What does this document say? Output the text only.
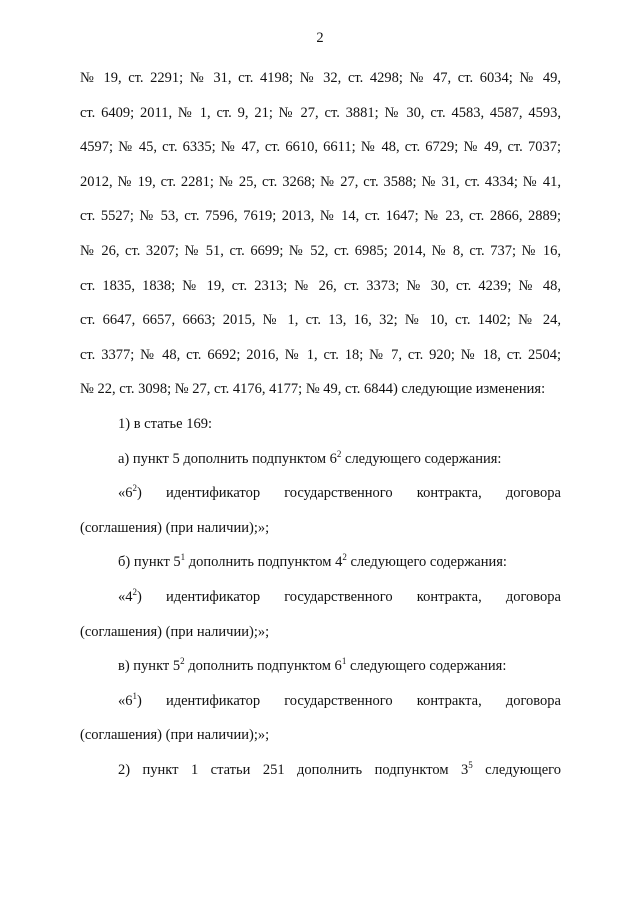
2
№ 19, ст. 2291; № 31, ст. 4198; № 32, ст. 4298; № 47, ст. 6034; № 49,
ст. 6409; 2011, № 1, ст. 9, 21; № 27, ст. 3881; № 30, ст. 4583, 4587, 4593,
4597; № 45, ст. 6335; № 47, ст. 6610, 6611; № 48, ст. 6729; № 49, ст. 7037;
2012, № 19, ст. 2281; № 25, ст. 3268; № 27, ст. 3588; № 31, ст. 4334; № 41,
ст. 5527; № 53, ст. 7596, 7619; 2013, № 14, ст. 1647; № 23, ст. 2866, 2889;
№ 26, ст. 3207; № 51, ст. 6699; № 52, ст. 6985; 2014, № 8, ст. 737; № 16,
ст. 1835, 1838; № 19, ст. 2313; № 26, ст. 3373; № 30, ст. 4239; № 48,
ст. 6647, 6657, 6663; 2015, № 1, ст. 13, 16, 32; № 10, ст. 1402; № 24,
ст. 3377; № 48, ст. 6692; 2016, № 1, ст. 18; № 7, ст. 920; № 18, ст. 2504;
№ 22, ст. 3098; № 27, ст. 4176, 4177; № 49, ст. 6844) следующие изменения:
1) в статье 169:
а) пункт 5 дополнить подпунктом $6^2$ следующего содержания:
«$6^2$) идентификатор государственного контракта, договора
(соглашения) (при наличии);»;
б) пункт $5^1$ дополнить подпунктом $4^2$ следующего содержания:
«$4^2$) идентификатор государственного контракта, договора
(соглашения) (при наличии);»;
в) пункт $5^2$ дополнить подпунктом $6^1$ следующего содержания:
«$6^1$) идентификатор государственного контракта, договора
(соглашения) (при наличии);»;
2) пункт 1 статьи 251 дополнить подпунктом $3^5$ следующего
